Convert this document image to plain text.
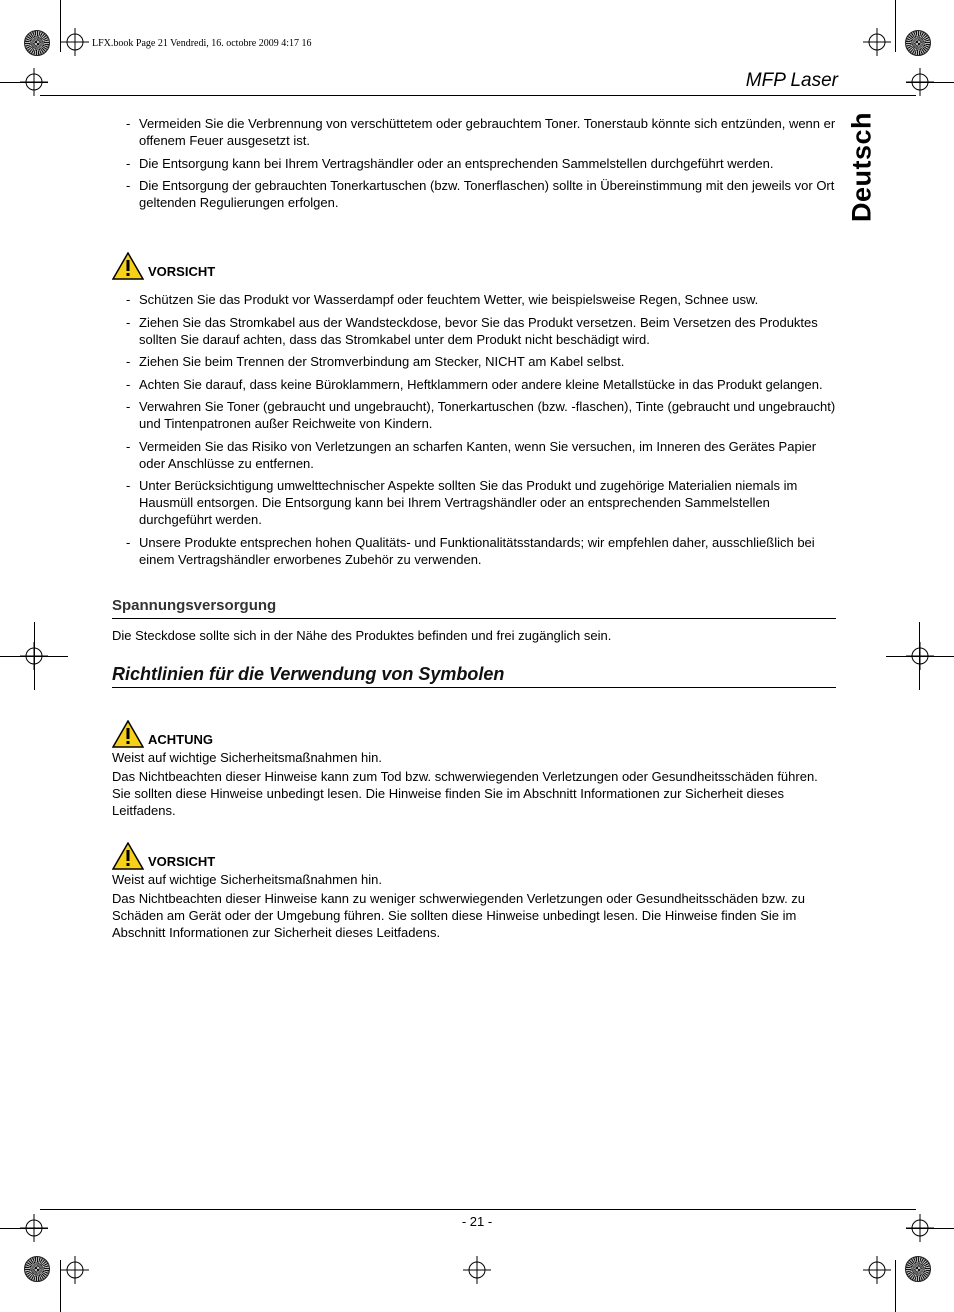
LFX.book Page 21 Vendredi, 16. octobre 2009 4:17 16
MFP Laser
Deutsch
- Vermeiden Sie die Verbrennung von verschüttetem oder gebrauchtem Toner. Tonerstaub könnte sich entzünden, wenn er offenem Feuer ausgesetzt ist.
- Die Entsorgung kann bei Ihrem Vertragshändler oder an entsprechenden Sammelstellen durchgeführt werden.
- Die Entsorgung der gebrauchten Tonerkartuschen (bzw. Tonerflaschen) sollte in Übereinstimmung mit den jeweils vor Ort geltenden Regulierungen erfolgen.
VORSICHT
- Schützen Sie das Produkt vor Wasserdampf oder feuchtem Wetter, wie beispielsweise Regen, Schnee usw.
- Ziehen Sie das Stromkabel aus der Wandsteckdose, bevor Sie das Produkt versetzen. Beim Versetzen des Produktes sollten Sie darauf achten, dass das Stromkabel unter dem Produkt nicht beschädigt wird.
- Ziehen Sie beim Trennen der Stromverbindung am Stecker, NICHT am Kabel selbst.
- Achten Sie darauf, dass keine Büroklammern, Heftklammern oder andere kleine Metallstücke in das Produkt gelangen.
- Verwahren Sie Toner (gebraucht und ungebraucht), Tonerkartuschen (bzw. -flaschen), Tinte (gebraucht und ungebraucht) und Tintenpatronen außer Reichweite von Kindern.
- Vermeiden Sie das Risiko von Verletzungen an scharfen Kanten, wenn Sie versuchen, im Inneren des Gerätes Papier oder Anschlüsse zu entfernen.
- Unter Berücksichtigung umwelttechnischer Aspekte sollten Sie das Produkt und zugehörige Materialien niemals im Hausmüll entsorgen. Die Entsorgung kann bei Ihrem Vertragshändler oder an entsprechenden Sammelstellen durchgeführt werden.
- Unsere Produkte entsprechen hohen Qualitäts- und Funktionalitätsstandards; wir empfehlen daher, ausschließlich bei einem Vertragshändler erworbenes Zubehör zu verwenden.
Spannungsversorgung
Die Steckdose sollte sich in der Nähe des Produktes befinden und frei zugänglich sein.
Richtlinien für die Verwendung von Symbolen
ACHTUNG
Weist auf wichtige Sicherheitsmaßnahmen hin.
Das Nichtbeachten dieser Hinweise kann zum Tod bzw. schwerwiegenden Verletzungen oder Gesundheitsschäden führen. Sie sollten diese Hinweise unbedingt lesen. Die Hinweise finden Sie im Abschnitt Informationen zur Sicherheit dieses Leitfadens.
VORSICHT
Weist auf wichtige Sicherheitsmaßnahmen hin.
Das Nichtbeachten dieser Hinweise kann zu weniger schwerwiegenden Verletzungen oder Gesundheitsschäden bzw. zu Schäden am Gerät oder der Umgebung führen. Sie sollten diese Hinweise unbedingt lesen. Die Hinweise finden Sie im Abschnitt Informationen zur Sicherheit dieses Leitfadens.
- 21 -
